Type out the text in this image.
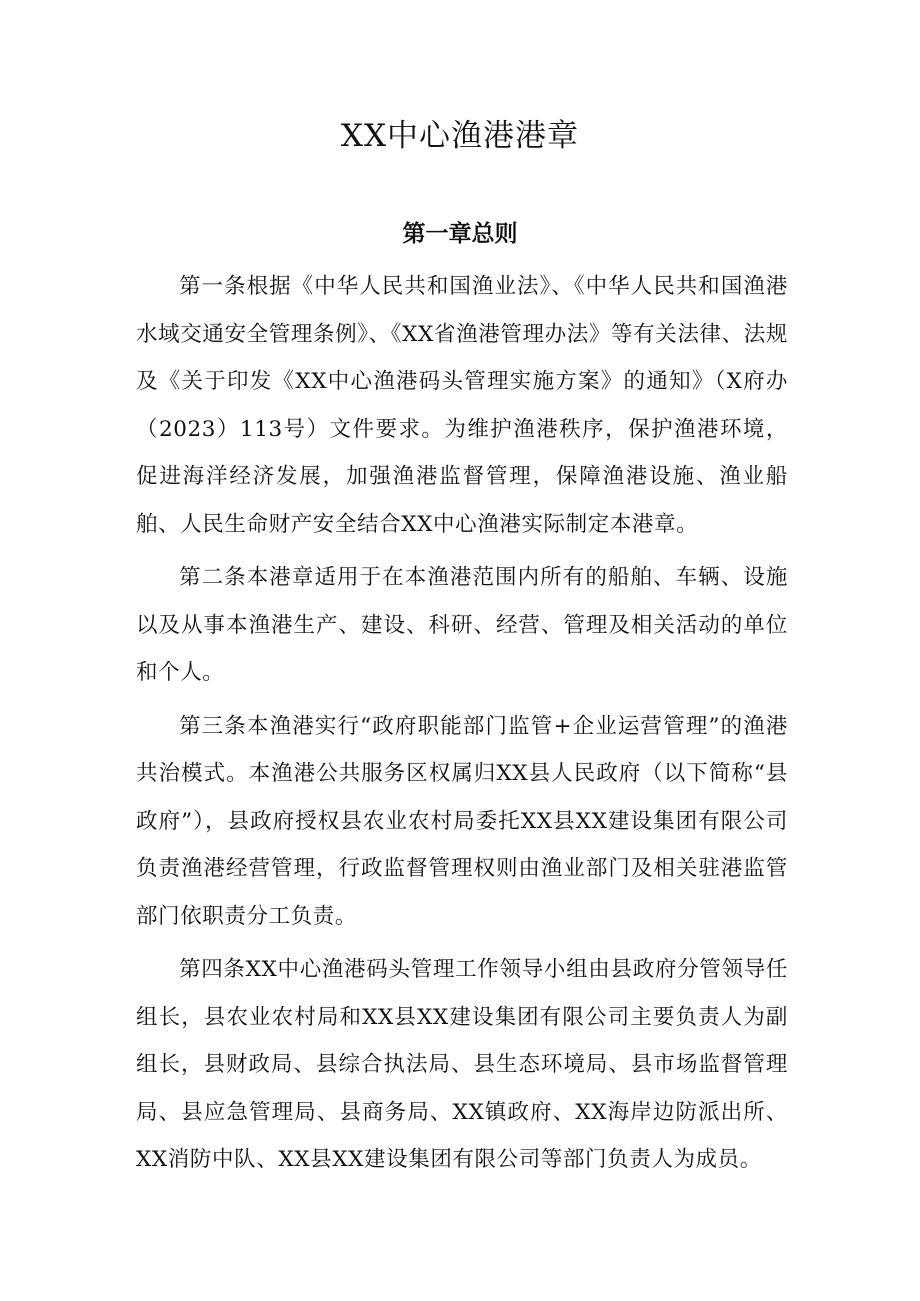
XX中心渔港港章
第一章总则

第一条根据《中华人民共和国渔业法》、《中华人民共和国渔港水域交通安全管理条例》、《XX省渔港管理办法》等有关法律、法规及《关于印发《XX中心渔港码头管理实施方案》的通知》（X府办（2023）113号）文件要求。为维护渔港秩序，保护渔港环境，促进海洋经济发展，加强渔港监督管理，保障渔港设施、渔业船舶、人民生命财产安全结合XX中心渔港实际制定本港章。

第二条本港章适用于在本渔港范围内所有的船舶、车辆、设施以及从事本渔港生产、建设、科研、经营、管理及相关活动的单位和个人。

第三条本渔港实行“政府职能部门监管+企业运营管理”的渔港共治模式。本渔港公共服务区权属归XX县人民政府（以下简称“县政府”），县政府授权县农业农村局委托XX县XX建设集团有限公司负责渔港经营管理，行政监督管理权则由渔业部门及相关驻港监管部门依职责分工负责。

第四条XX中心渔港码头管理工作领导小组由县政府分管领导任组长，县农业农村局和XX县XX建设集团有限公司主要负责人为副组长，县财政局、县综合执法局、县生态环境局、县市场监督管理局、县应急管理局、县商务局、XX镇政府、XX海岸边防派出所、XX消防中队、XX县XX建设集团有限公司等部门负责人为成员。
